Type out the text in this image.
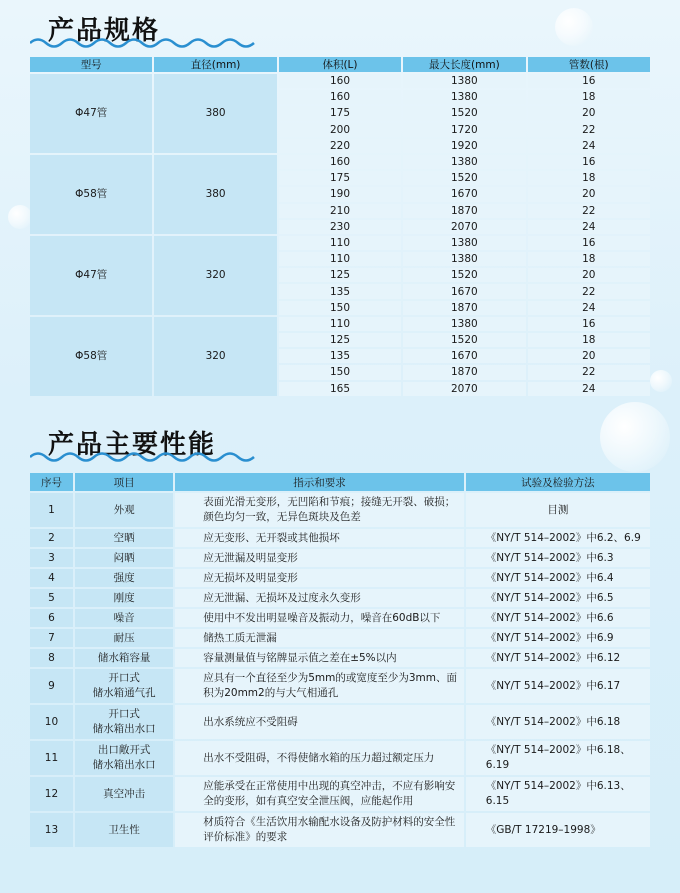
产品规格
型号	直径(mm)	体积(L)	最大长度(mm)	管数(根)
Φ47管	380	160	1380	16
		160	1380	18
		175	1520	20
		200	1720	22
		220	1920	24
Φ58管	380	160	1380	16
		175	1520	18
		190	1670	20
		210	1870	22
		230	2070	24
Φ47管	320	110	1380	16
		110	1380	18
		125	1520	20
		135	1670	22
		150	1870	24
Φ58管	320	110	1380	16
		125	1520	18
		135	1670	20
		150	1870	22
		165	2070	24
产品主要性能
序号	项目	指示和要求	试验及检验方法
1	外观	表面光滑无变形，无凹陷和节痕；接缝无开裂、破损；颜色均匀一致，无异色斑块及色差	目测
2	空晒	应无变形、无开裂或其他损坏	《NY/T 514–2002》中6.2、6.9
3	闷晒	应无泄漏及明显变形	《NY/T 514–2002》中6.3
4	强度	应无损坏及明显变形	《NY/T 514–2002》中6.4
5	刚度	应无泄漏、无损坏及过度永久变形	《NY/T 514–2002》中6.5
6	噪音	使用中不发出明显噪音及振动力，噪音在60dB以下	《NY/T 514–2002》中6.6
7	耐压	储热工质无泄漏	《NY/T 514–2002》中6.9
8	储水箱容量	容量测量值与铭牌显示值之差在±5%以内	《NY/T 514–2002》中6.12
9	开口式
储水箱通气孔	应具有一个直径至少为5mm的或宽度至少为3mm、面积为20mm2的与大气相通孔	《NY/T 514–2002》中6.17
10	开口式
储水箱出水口	出水系统应不受阻碍	《NY/T 514–2002》中6.18
11	出口敞开式
储水箱出水口	出水不受阻碍，不得使储水箱的压力超过额定压力	《NY/T 514–2002》中6.18、6.19
12	真空冲击	应能承受在正常使用中出现的真空冲击，不应有影响安全的变形，如有真空安全泄压阀，应能起作用	《NY/T 514–2002》中6.13、6.15
13	卫生性	材质符合《生活饮用水输配水设备及防护材料的安全性评价标准》的要求	《GB/T 17219–1998》
